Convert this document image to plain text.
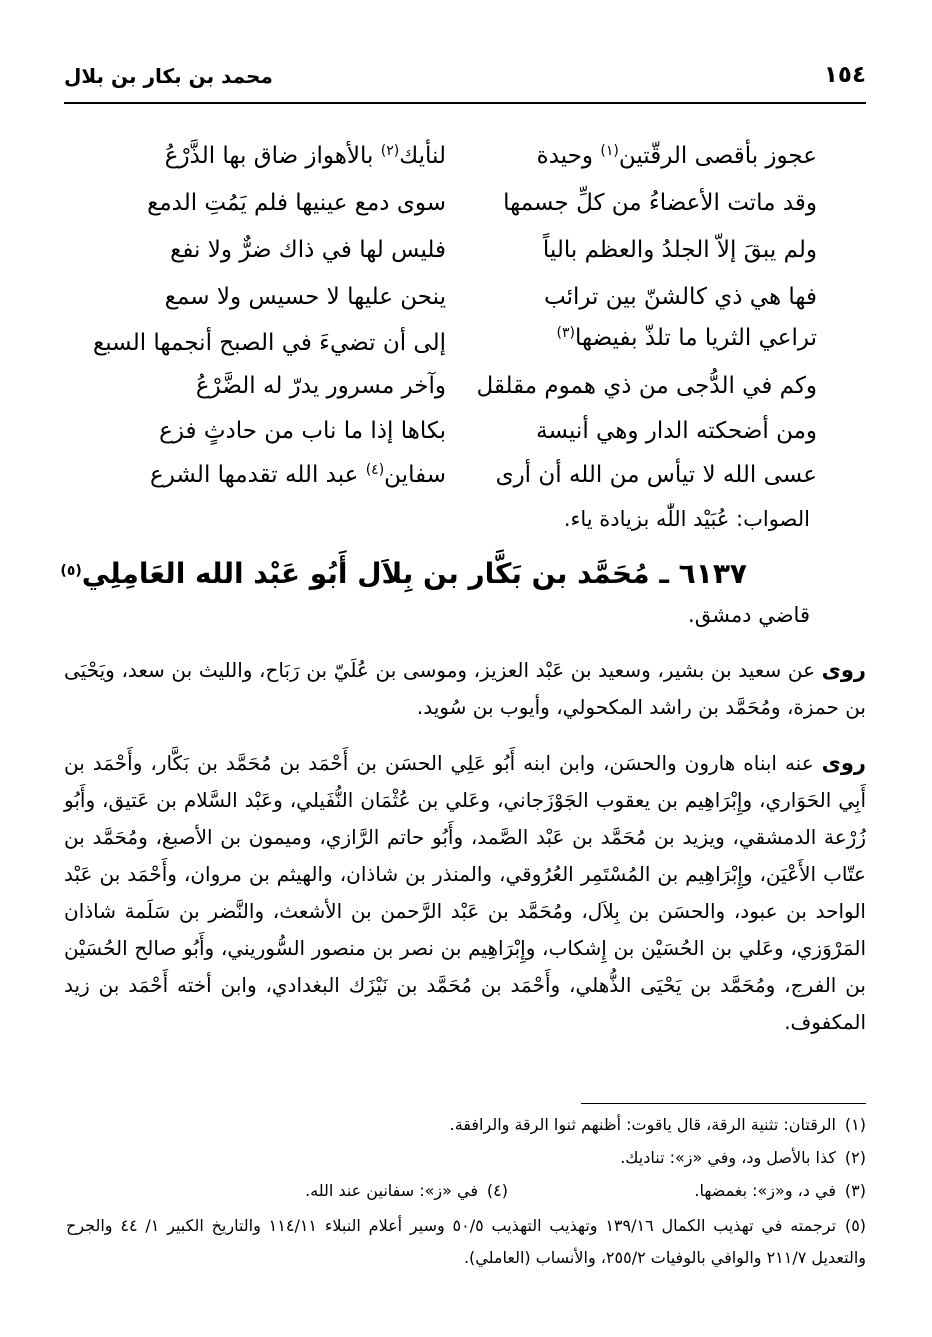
١٥٤
محمد بن بكار بن بلال
عجوز بأقصى الرقّتين$^{(١)}$ وحيدة
وقد ماتت الأعضاءُ من كلِّ جسمها
ولم يبقَ إلاّ الجلدُ والعظم بالياً
فها هي ذي كالشنّ بين ترائب
تراعي الثريا ما تلذّ بفيضها$^{(٣)}$
وكم في الدُّجى من ذي هموم مقلقل
ومن أضحكته الدار وهي أنيسة
عسى الله لا تيأس من الله أن أرى
لنأيك$^{(٢)}$ بالأهواز ضاق بها الذَّرْعُ
سوى دمع عينيها فلم يَمُتِ الدمع
فليس لها في ذاك ضرٌّ ولا نفع
ينحن عليها لا حسيس ولا سمع
إلى أن تضيءَ في الصبح أنجمها السبع
وآخر مسرور يدرّ له الضَّرْعُ
بكاها إذا ما ناب من حادثٍ فزع
سفاين$^{(٤)}$ عبد الله تقدمها الشرع
الصواب: عُبَيْد اللّٰه بزيادة ياء.
٦١٣٧ ـ مُحَمَّد بن بَكَّار بن بِلاَل أَبُو عَبْد الله العَامِلِي$^{(٥)}$
قاضي دمشق.
روى عن سعيد بن بشير، وسعيد بن عَبْد العزيز، وموسى بن عُلَيّ بن رَبَاح، والليث بن سعد، ويَحْيَى بن حمزة، ومُحَمَّد بن راشد المكحولي، وأيوب بن سُويد.
روى عنه ابناه هارون والحسَن، وابن ابنه أَبُو عَلِي الحسَن بن أَحْمَد بن مُحَمَّد بن بَكَّار، وأَحْمَد بن أَبِي الحَوَاري، وإِبْرَاهِيم بن يعقوب الجَوْزَجاني، وعَلي بن عُثْمَان النُّفَيلي، وعَبْد السَّلام بن عَتيق، وأَبُو زُرْعة الدمشقي، ويزيد بن مُحَمَّد بن عَبْد الصَّمد، وأَبُو حاتم الرَّازي، وميمون بن الأصبغ، ومُحَمَّد بن عتّاب الأَعْيَن، وإِبْرَاهِيم بن المُسْتَمِر العُرُوقي، والمنذر بن شاذان، والهيثم بن مروان، وأَحْمَد بن عَبْد الواحد بن عبود، والحسَن بن بِلاَل، ومُحَمَّد بن عَبْد الرَّحمن بن الأشعث، والنَّضر بن سَلَمة شاذان المَرْوَزي، وعَلي بن الحُسَيْن بن إِشكاب، وإِبْرَاهِيم بن نصر بن منصور السُّوريني، وأَبُو صالح الحُسَيْن بن الفرج، ومُحَمَّد بن يَحْيَى الذُّهلي، وأَحْمَد بن مُحَمَّد بن نَيْزَك البغدادي، وابن أخته أَحْمَد بن زيد المكفوف.
(١)الرقتان: تثنية الرقة، قال ياقوت: أظنهم ثنوا الرقة والرافقة.
(٢)كذا بالأصل ود، وفي «ز»: تناديك.
(٣)في د، و«ز»: بغمضها.
(٤)في «ز»: سفانين عند الله.
(٥)ترجمته في تهذيب الكمال ١٣٩/١٦ وتهذيب التهذيب ٥٠/٥ وسير أعلام النبلاء ١١٤/١١ والتاريخ الكبير ١/ ٤٤ والجرح والتعديل ٢١١/٧ والوافي بالوفيات ٢٥٥/٢، والأنساب (العاملي).
